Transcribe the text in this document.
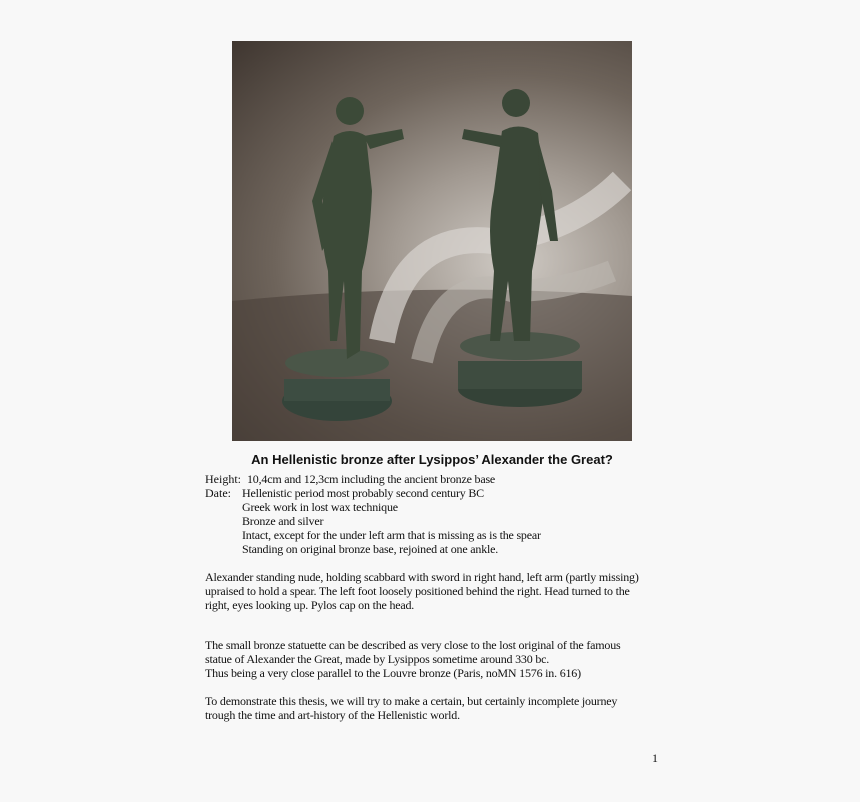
An Hellenistic bronze after Lysippos’ Alexander the Great?
Height: 10,4cm and 12,3cm including the ancient bronze base
Date: Hellenistic period most probably second century BC
Greek work in lost wax technique
Bronze and silver
Intact, except for the under left arm that is missing as is the spear
Standing on original bronze base, rejoined at one ankle.
Alexander standing nude, holding scabbard with sword in right hand, left arm (partly missing)
upraised to hold a spear. The left foot loosely positioned behind the right. Head turned to the
right, eyes looking up. Pylos cap on the head.
The small bronze statuette can be described as very close to the lost original of the famous
statue of Alexander the Great, made by Lysippos sometime around 330 bc.
Thus being a very close parallel to the Louvre bronze (Paris, noMN 1576 in. 616)
To demonstrate this thesis, we will try to make a certain, but certainly incomplete journey
trough the time and art-history of the Hellenistic world.
1
